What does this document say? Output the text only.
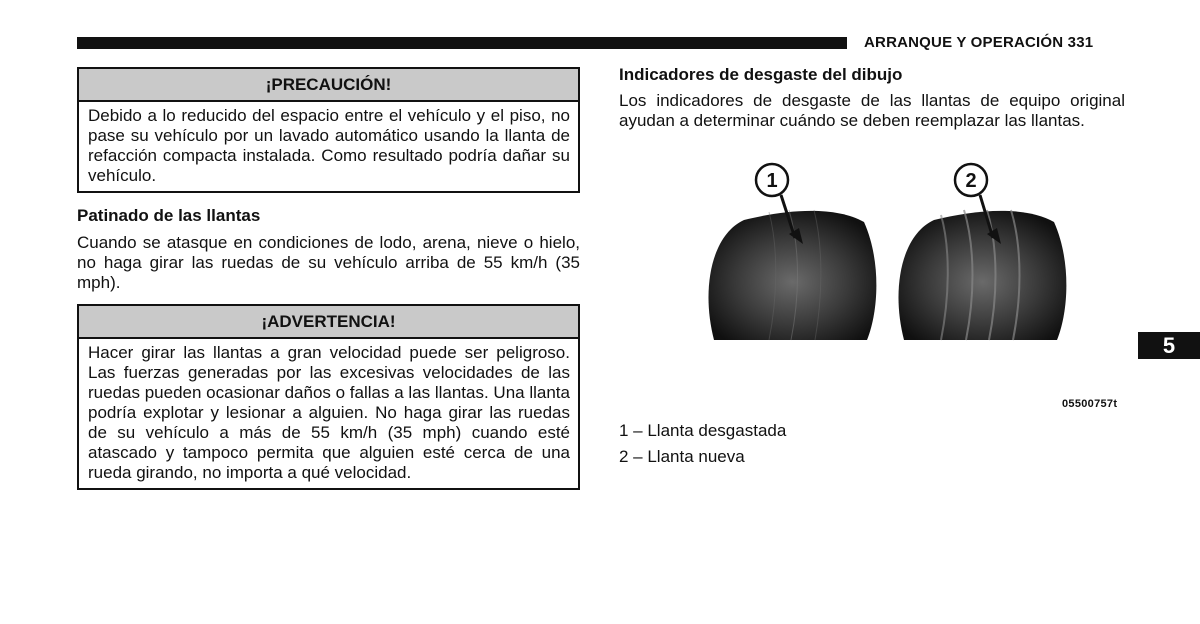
ARRANQUE Y OPERACIÓN 331
¡PRECAUCIÓN!
Debido a lo reducido del espacio entre el vehículo y el piso, no pase su vehículo por un lavado automático usando la llanta de refacción compacta instalada. Como resultado podría dañar su vehículo.
Patinado de las llantas
Cuando se atasque en condiciones de lodo, arena, nieve o hielo, no haga girar las ruedas de su vehículo arriba de 55 km/h (35 mph).
¡ADVERTENCIA!
Hacer girar las llantas a gran velocidad puede ser peligroso. Las fuerzas generadas por las excesivas velocidades de las ruedas pueden ocasionar daños o fallas a las llantas. Una llanta podría explotar y lesionar a alguien. No haga girar las ruedas de su vehículo a más de 55 km/h (35 mph) cuando esté atascado y tampoco permita que alguien esté cerca de una rueda girando, no importa a qué velocidad.
Indicadores de desgaste del dibujo
Los indicadores de desgaste de las llantas de equipo original ayudan a determinar cuándo se deben reemplazar las llantas.
1	2
05500757t
1 – Llanta desgastada
2 – Llanta nueva
5
